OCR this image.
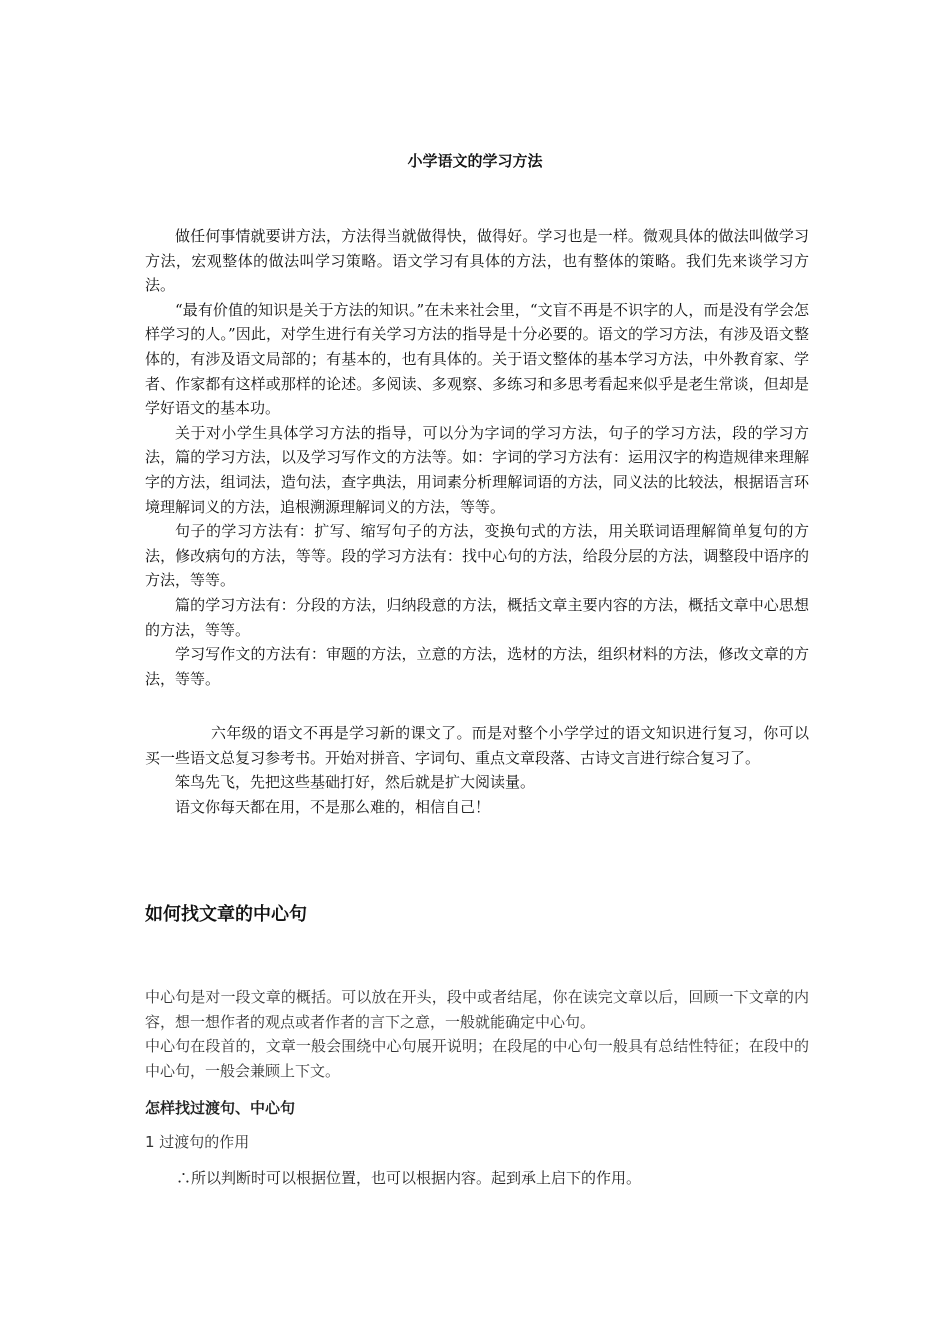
小学语文的学习方法

做任何事情就要讲方法，方法得当就做得快，做得好。学习也是一样。微观具体的做法叫做学习方法，宏观整体的做法叫学习策略。语文学习有具体的方法，也有整体的策略。我们先来谈学习方法。

“最有价值的知识是关于方法的知识。”在未来社会里，“文盲不再是不识字的人，而是没有学会怎样学习的人。”因此，对学生进行有关学习方法的指导是十分必要的。语文的学习方法，有涉及语文整体的，有涉及语文局部的；有基本的，也有具体的。关于语文整体的基本学习方法，中外教育家、学者、作家都有这样或那样的论述。多阅读、多观察、多练习和多思考看起来似乎是老生常谈，但却是学好语文的基本功。

关于对小学生具体学习方法的指导，可以分为字词的学习方法，句子的学习方法，段的学习方法，篇的学习方法，以及学习写作文的方法等。如：字词的学习方法有：运用汉字的构造规律来理解字的方法，组词法，造句法，查字典法，用词素分析理解词语的方法，同义法的比较法，根据语言环境理解词义的方法，追根溯源理解词义的方法，等等。

句子的学习方法有：扩写、缩写句子的方法，变换句式的方法，用关联词语理解简单复句的方法，修改病句的方法，等等。段的学习方法有：找中心句的方法，给段分层的方法，调整段中语序的方法，等等。

篇的学习方法有：分段的方法，归纳段意的方法，概括文章主要内容的方法，概括文章中心思想的方法，等等。

学习写作文的方法有：审题的方法，立意的方法，选材的方法，组织材料的方法，修改文章的方法，等等。

六年级的语文不再是学习新的课文了。而是对整个小学学过的语文知识进行复习，你可以买一些语文总复习参考书。开始对拼音、字词句、重点文章段落、古诗文言进行综合复习了。

笨鸟先飞，先把这些基础打好，然后就是扩大阅读量。

语文你每天都在用，不是那么难的，相信自己！

如何找文章的中心句

中心句是对一段文章的概括。可以放在开头，段中或者结尾，你在读完文章以后，回顾一下文章的内容，想一想作者的观点或者作者的言下之意，一般就能确定中心句。

中心句在段首的，文章一般会围绕中心句展开说明；在段尾的中心句一般具有总结性特征；在段中的中心句，一般会兼顾上下文。

怎样找过渡句、中心句
1 过渡句的作用
∴所以判断时可以根据位置，也可以根据内容。起到承上启下的作用。
